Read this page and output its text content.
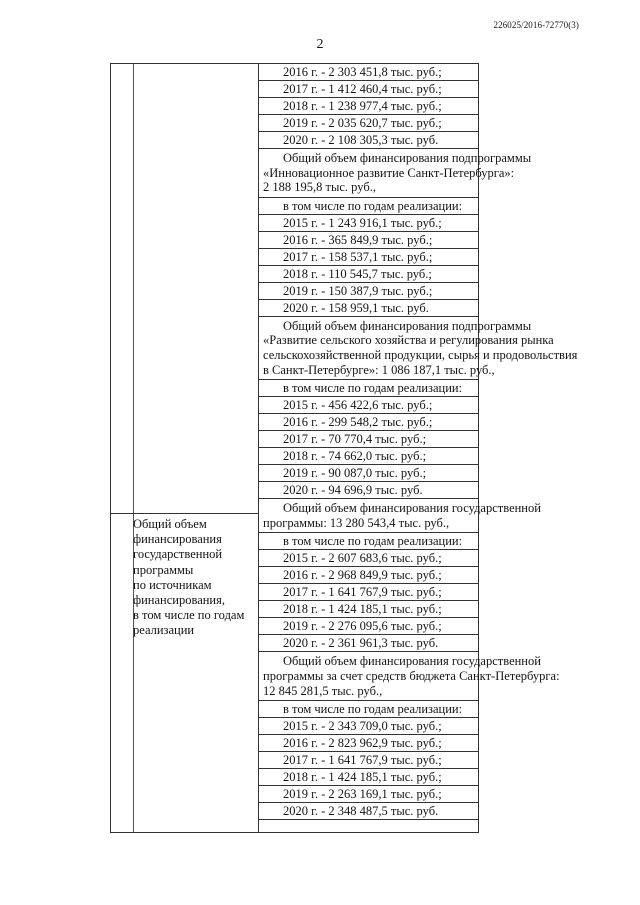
226025/2016-72770(3)
2
Общий объем
финансирования
государственной
программы
по источникам
финансирования,
в том числе по годам
реализации
2016 г. - 2 303 451,8 тыс. руб.;
2017 г. - 1 412 460,4 тыс. руб.;
2018 г. - 1 238 977,4 тыс. руб.;
2019 г. - 2 035 620,7 тыс. руб.;
2020 г. - 2 108 305,3 тыс. руб.
Общий объем финансирования подпрограммы
«Инновационное развитие Санкт-Петербурга»:
2 188 195,8 тыс. руб.,
в том числе по годам реализации:
2015 г. - 1 243 916,1 тыс. руб.;
2016 г. - 365 849,9 тыс. руб.;
2017 г. - 158 537,1 тыс. руб.;
2018 г. - 110 545,7 тыс. руб.;
2019 г. - 150 387,9 тыс. руб.;
2020 г. - 158 959,1 тыс. руб.
Общий объем финансирования подпрограммы
«Развитие сельского хозяйства и регулирования рынка
сельскохозяйственной продукции, сырья и продовольствия
в Санкт-Петербурге»: 1 086 187,1 тыс. руб.,
в том числе по годам реализации:
2015 г. - 456 422,6 тыс. руб.;
2016 г. - 299 548,2 тыс. руб.;
2017 г. - 70 770,4 тыс. руб.;
2018 г. - 74 662,0 тыс. руб.;
2019 г. - 90 087,0 тыс. руб.;
2020 г. - 94 696,9 тыс. руб.
Общий объем финансирования государственной
программы: 13 280 543,4 тыс. руб.,
в том числе по годам реализации:
2015 г. - 2 607 683,6 тыс. руб.;
2016 г. - 2 968 849,9 тыс. руб.;
2017 г. - 1 641 767,9 тыс. руб.;
2018 г. - 1 424 185,1 тыс. руб.;
2019 г. - 2 276 095,6 тыс. руб.;
2020 г. - 2 361 961,3 тыс. руб.
Общий объем финансирования государственной
программы за счет средств бюджета Санкт-Петербурга:
12 845 281,5 тыс. руб.,
в том числе по годам реализации:
2015 г. - 2 343 709,0 тыс. руб.;
2016 г. - 2 823 962,9 тыс. руб.;
2017 г. - 1 641 767,9 тыс. руб.;
2018 г. - 1 424 185,1 тыс. руб.;
2019 г. - 2 263 169,1 тыс. руб.;
2020 г. - 2 348 487,5 тыс. руб.
